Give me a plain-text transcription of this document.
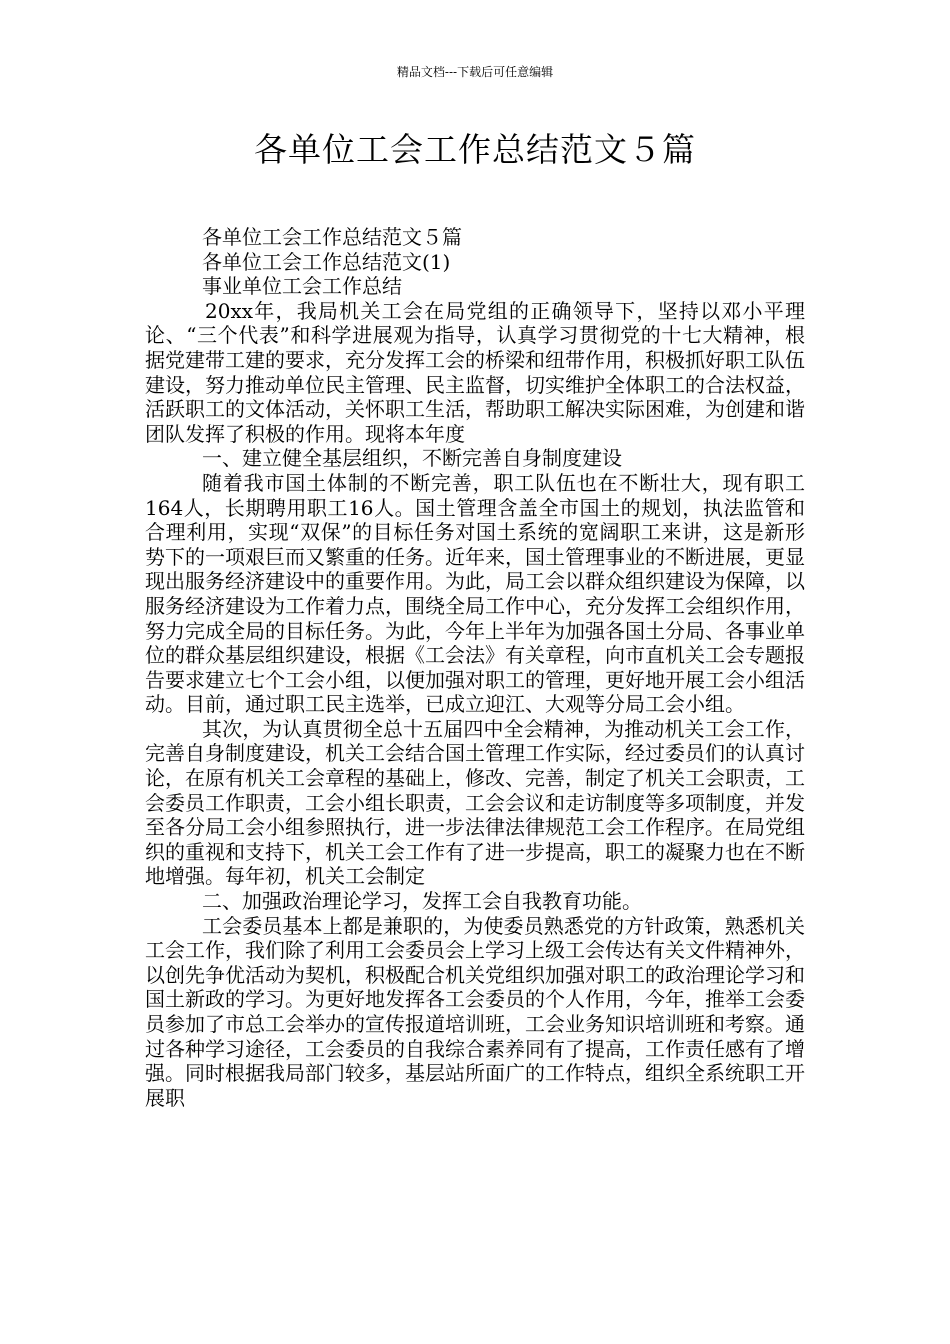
精品文档---下载后可任意编辑
各单位工会工作总结范文５篇

各单位工会工作总结范文５篇

各单位工会工作总结范文(1)

事业单位工会工作总结

20xx年，我局机关工会在局党组的正确领导下，坚持以邓小平理论、“三个代表”和科学进展观为指导，认真学习贯彻党的十七大精神，根据党建带工建的要求，充分发挥工会的桥梁和纽带作用，积极抓好职工队伍建设，努力推动单位民主管理、民主监督，切实维护全体职工的合法权益，活跃职工的文体活动，关怀职工生活，帮助职工解决实际困难，为创建和谐团队发挥了积极的作用。现将本年度

一、建立健全基层组织，不断完善自身制度建设

随着我市国土体制的不断完善，职工队伍也在不断壮大，现有职工164人，长期聘用职工16人。国土管理含盖全市国土的规划，执法监管和合理利用，实现“双保”的目标任务对国土系统的宽阔职工来讲，这是新形势下的一项艰巨而又繁重的任务。近年来，国土管理事业的不断进展，更显现出服务经济建设中的重要作用。为此，局工会以群众组织建设为保障，以服务经济建设为工作着力点，围绕全局工作中心，充分发挥工会组织作用，努力完成全局的目标任务。为此，今年上半年为加强各国土分局、各事业单位的群众基层组织建设，根据《工会法》有关章程，向市直机关工会专题报告要求建立七个工会小组，以便加强对职工的管理，更好地开展工会小组活动。目前，通过职工民主选举，已成立迎江、大观等分局工会小组。

其次，为认真贯彻全总十五届四中全会精神，为推动机关工会工作，完善自身制度建设，机关工会结合国土管理工作实际，经过委员们的认真讨论，在原有机关工会章程的基础上，修改、完善，制定了机关工会职责，工会委员工作职责，工会小组长职责，工会会议和走访制度等多项制度，并发至各分局工会小组参照执行，进一步法律法律规范工会工作程序。在局党组织的重视和支持下，机关工会工作有了进一步提高，职工的凝聚力也在不断地增强。每年初，机关工会制定

二、加强政治理论学习，发挥工会自我教育功能。

工会委员基本上都是兼职的，为使委员熟悉党的方针政策，熟悉机关工会工作，我们除了利用工会委员会上学习上级工会传达有关文件精神外，以创先争优活动为契机，积极配合机关党组织加强对职工的政治理论学习和国土新政的学习。为更好地发挥各工会委员的个人作用，今年，推举工会委员参加了市总工会举办的宣传报道培训班，工会业务知识培训班和考察。通过各种学习途径，工会委员的自我综合素养同有了提高，工作责任感有了增强。同时根据我局部门较多，基层站所面广的工作特点，组织全系统职工开展职
